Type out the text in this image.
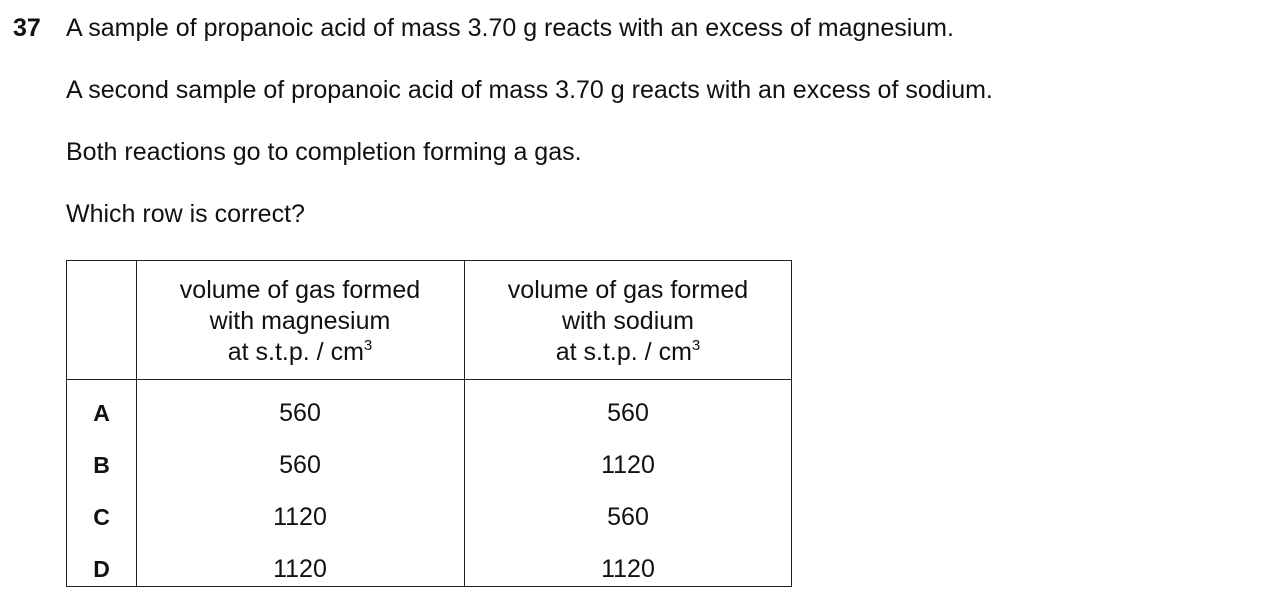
37 A sample of propanoic acid of mass 3.70 g reacts with an excess of magnesium.
A second sample of propanoic acid of mass 3.70 g reacts with an excess of sodium.
Both reactions go to completion forming a gas.
Which row is correct?
volume of gas formed
with magnesium
at s.t.p. / $cm^3$
volume of gas formed
with sodium
at s.t.p. / $cm^3$
A	560	560
B	560	1120
C	1120	560
D	1120	1120
